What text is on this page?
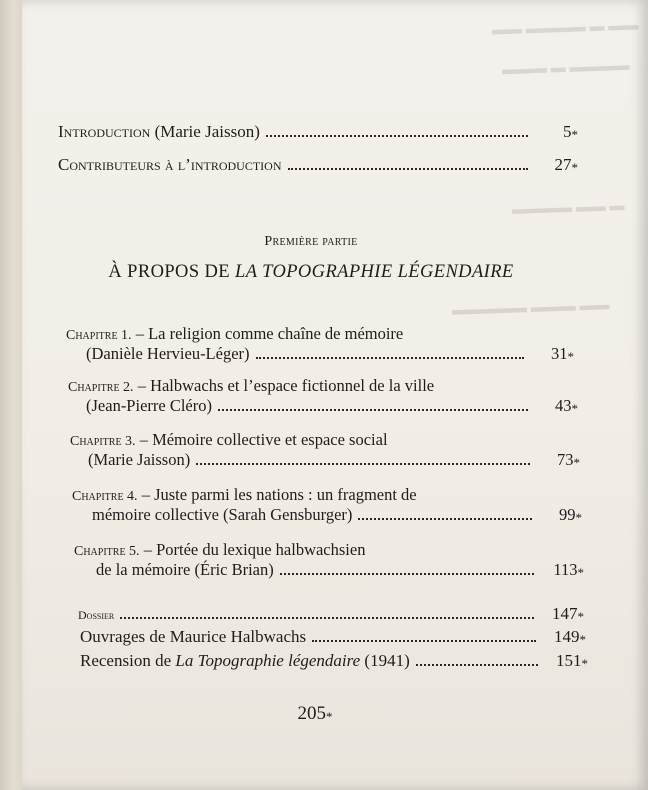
▬▬ ▬▬▬▬ ▬ ▬▬
▬▬▬ ▬ ▬▬▬▬
▬▬▬▬ ▬▬ ▬
▬▬▬▬▬ ▬▬▬ ▬▬
Introduction
(Marie Jaisson)	5*
Contributeurs à l’introduction	27*
Première partie
À PROPOS DE LA TOPOGRAPHIE LÉGENDAIRE
Chapitre 1. – La religion comme chaîne de mémoire
(Danièle Hervieu-Léger)	31*
Chapitre 2. – Halbwachs et l’espace fictionnel de la ville
(Jean-Pierre Cléro)	43*
Chapitre 3. – Mémoire collective et espace social
(Marie Jaisson)	73*
Chapitre 4. – Juste parmi les nations : un fragment de
mémoire collective (Sarah Gensburger)	99*
Chapitre 5. – Portée du lexique halbwachsien
de la mémoire (Éric Brian)	113*
Dossier	147*
Ouvrages de Maurice Halbwachs	149*
Recension de La Topographie légendaire (1941)	151*
205*
